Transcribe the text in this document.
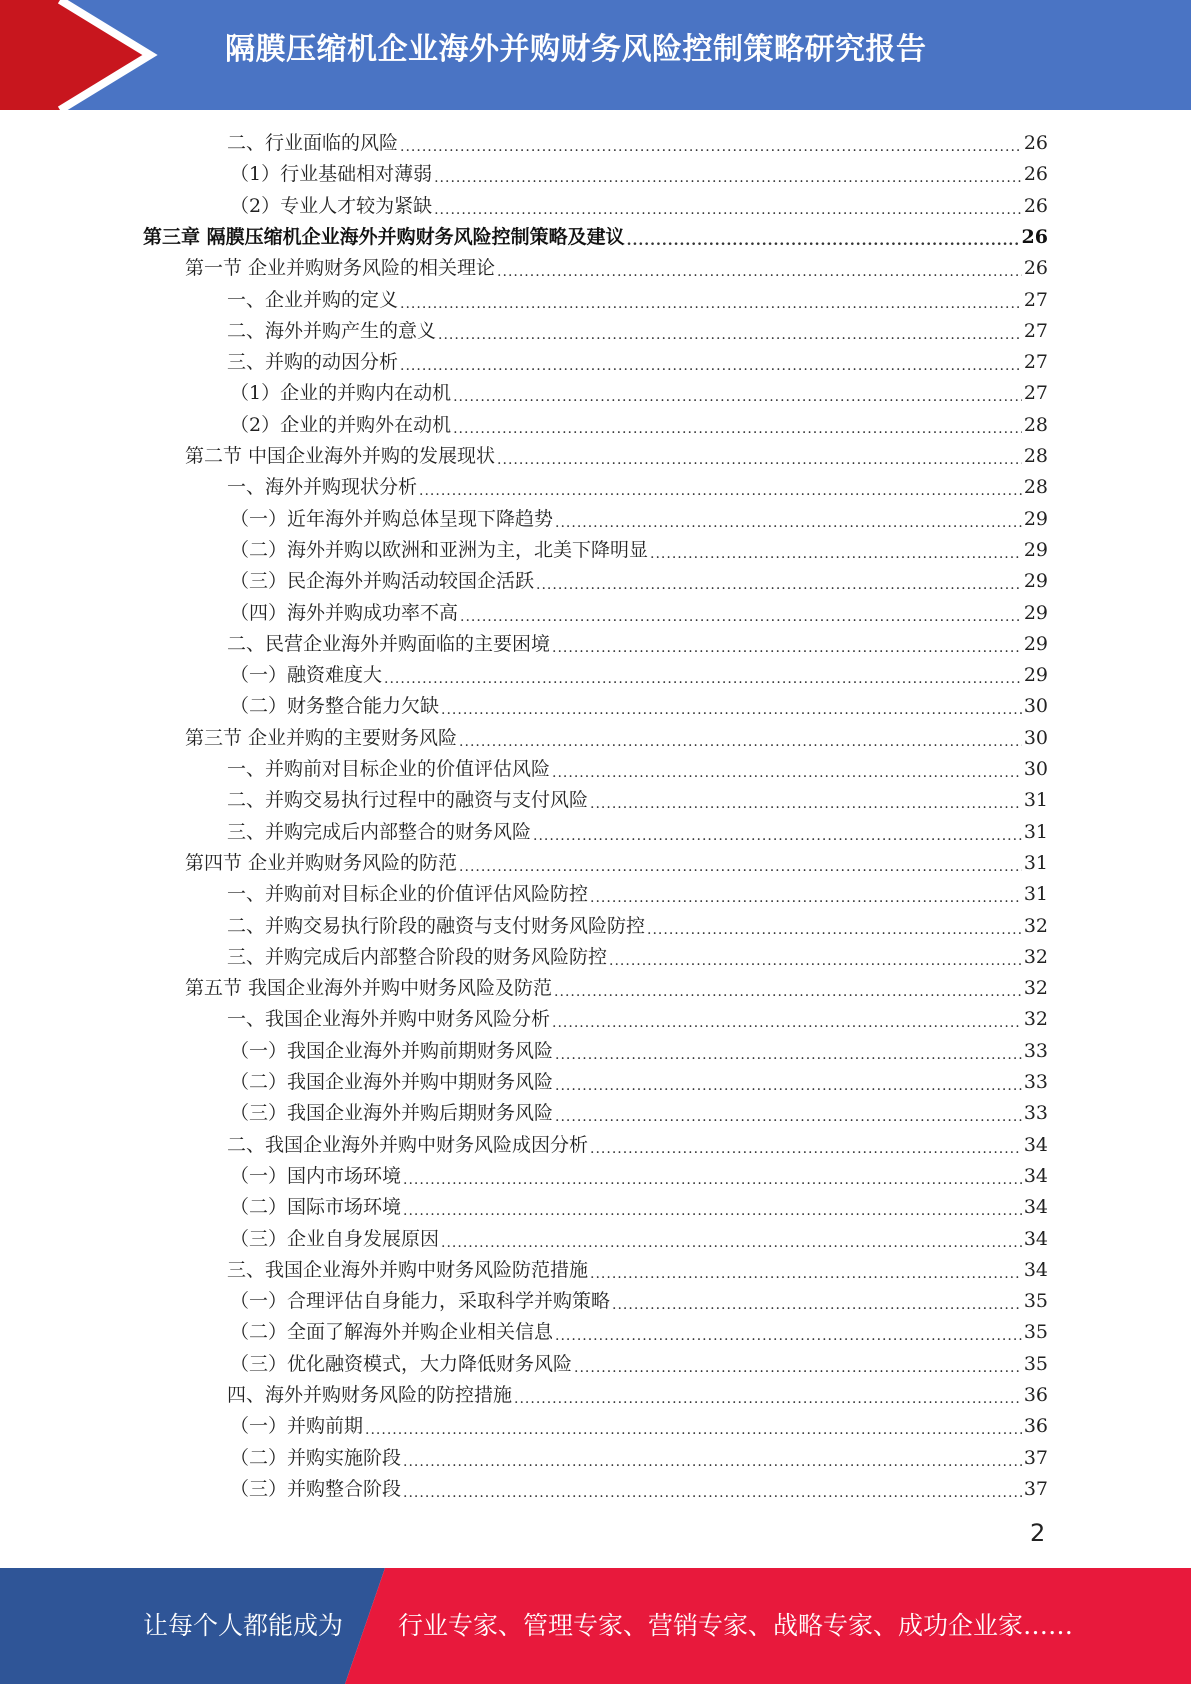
隔膜压缩机企业海外并购财务风险控制策略研究报告
二、行业面临的风险 .....	26
（1）行业基础相对薄弱 .....	26
（2）专业人才较为紧缺 .....	26
第三章 隔膜压缩机企业海外并购财务风险控制策略及建议 .....	26
第一节 企业并购财务风险的相关理论 .....	26
一、企业并购的定义 .....	27
二、海外并购产生的意义 .....	27
三、并购的动因分析 .....	27
（1）企业的并购内在动机 .....	27
（2）企业的并购外在动机 .....	28
第二节 中国企业海外并购的发展现状 .....	28
一、海外并购现状分析 .....	28
（一）近年海外并购总体呈现下降趋势 .....	29
（二）海外并购以欧洲和亚洲为主，北美下降明显 .....	29
（三）民企海外并购活动较国企活跃 .....	29
（四）海外并购成功率不高 .....	29
二、民营企业海外并购面临的主要困境 .....	29
（一）融资难度大 .....	29
（二）财务整合能力欠缺 .....	30
第三节 企业并购的主要财务风险 .....	30
一、并购前对目标企业的价值评估风险 .....	30
二、并购交易执行过程中的融资与支付风险 .....	31
三、并购完成后内部整合的财务风险 .....	31
第四节 企业并购财务风险的防范 .....	31
一、并购前对目标企业的价值评估风险防控 .....	31
二、并购交易执行阶段的融资与支付财务风险防控 .....	32
三、并购完成后内部整合阶段的财务风险防控 .....	32
第五节 我国企业海外并购中财务风险及防范 .....	32
一、我国企业海外并购中财务风险分析 .....	32
（一）我国企业海外并购前期财务风险 .....	33
（二）我国企业海外并购中期财务风险 .....	33
（三）我国企业海外并购后期财务风险 .....	33
二、我国企业海外并购中财务风险成因分析 .....	34
（一）国内市场环境 .....	34
（二）国际市场环境 .....	34
（三）企业自身发展原因 .....	34
三、我国企业海外并购中财务风险防范措施 .....	34
（一）合理评估自身能力，采取科学并购策略 .....	35
（二）全面了解海外并购企业相关信息 .....	35
（三）优化融资模式，大力降低财务风险 .....	35
四、海外并购财务风险的防控措施 .....	36
（一）并购前期 .....	36
（二）并购实施阶段 .....	37
（三）并购整合阶段 .....	37
2
让每个人都能成为 行业专家、管理专家、营销专家、战略专家、成功企业家……
